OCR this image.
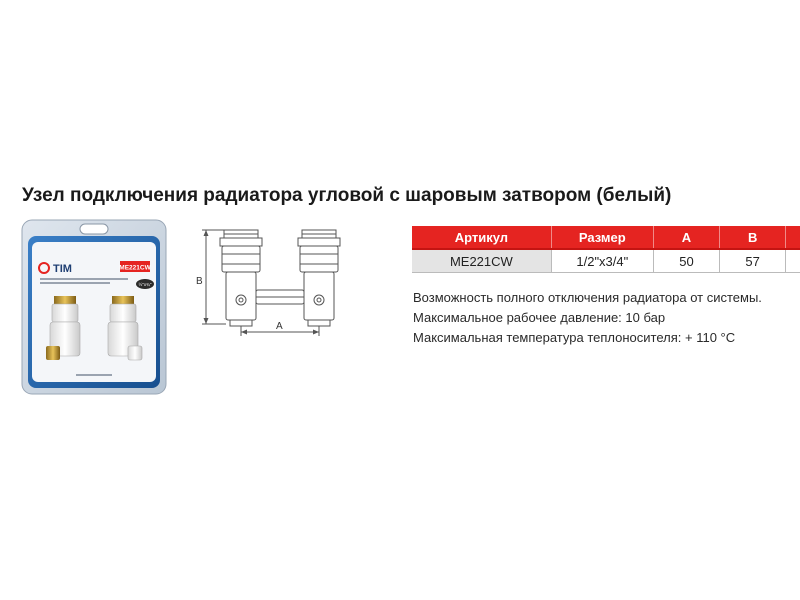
Узел подключения радиатора угловой с шаровым затвором (белый)
TIM	ME221CW
½"x¾"	B
A
Артикул	Размер	A	B	
ME221CW	1/2"x3/4"	50	57	
Возможность полного отключения радиатора от системы.
Максимальное рабочее давление: 10 бар
Максимальная температура теплоносителя: + 110 °С
